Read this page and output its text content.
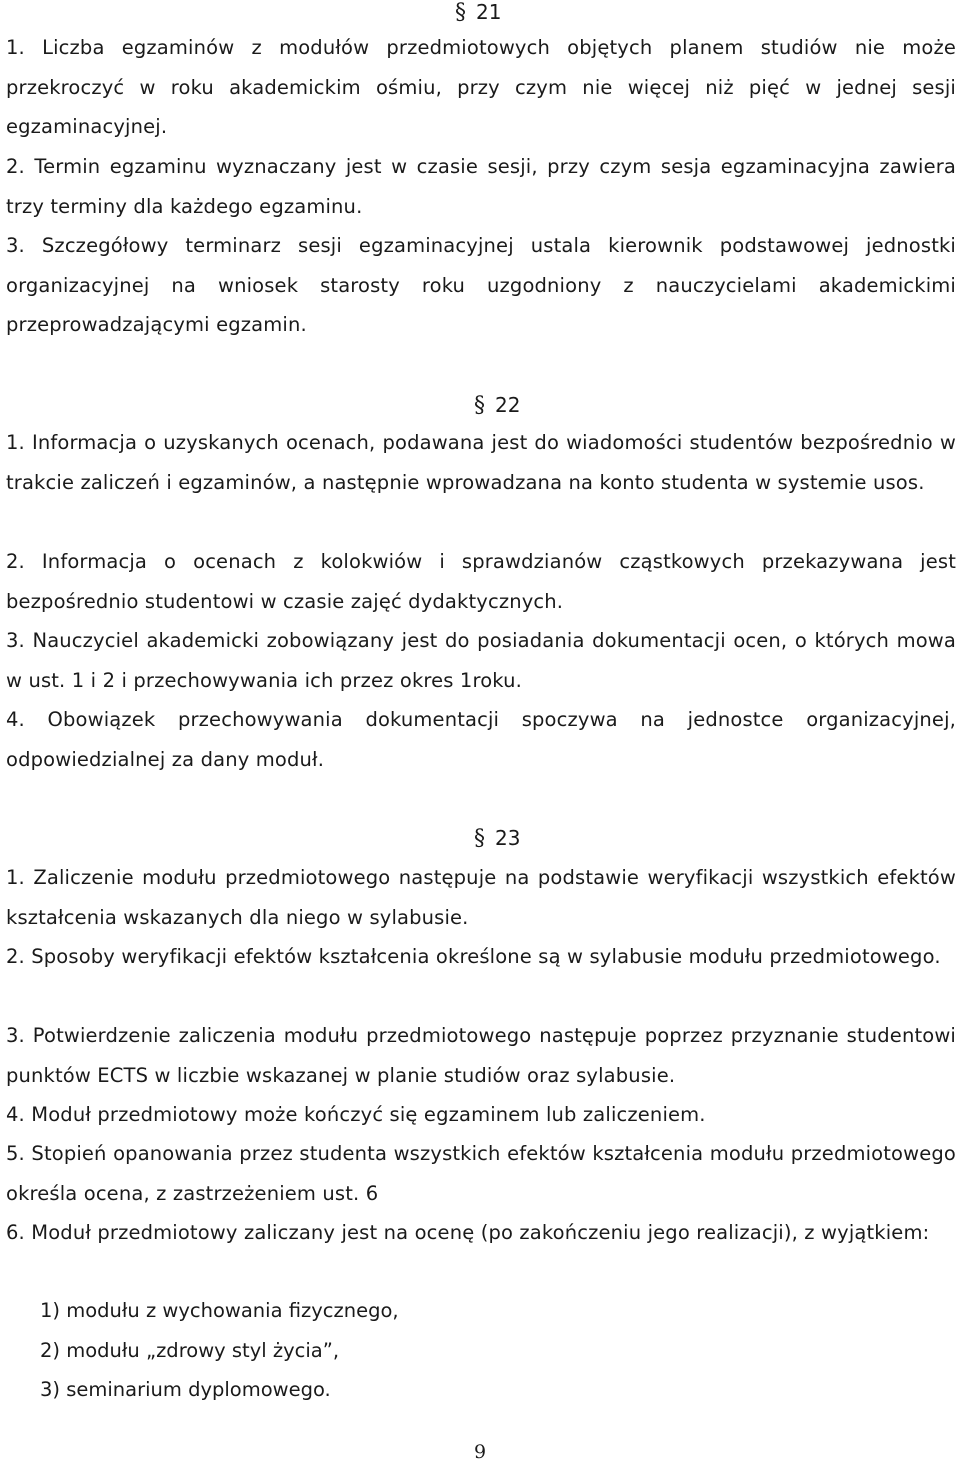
§ 21

1. Liczba egzaminów z modułów przedmiotowych objętych planem studiów nie może przekroczyć w roku akademickim ośmiu, przy czym nie więcej niż pięć w jednej sesji egzaminacyjnej.

2. Termin egzaminu wyznaczany jest w czasie sesji, przy czym sesja egzaminacyjna zawiera trzy terminy dla każdego egzaminu.

3. Szczegółowy terminarz sesji egzaminacyjnej ustala kierownik podstawowej jednostki organizacyjnej na wniosek starosty roku uzgodniony z nauczycielami akademickimi przeprowadzającymi egzamin.

§ 22

1. Informacja o uzyskanych ocenach, podawana jest do wiadomości studentów bezpośrednio w trakcie zaliczeń i egzaminów, a następnie wprowadzana na konto studenta w systemie usos.

2. Informacja o ocenach z kolokwiów i sprawdzianów cząstkowych przekazywana jest bezpośrednio studentowi w czasie zajęć dydaktycznych.

3. Nauczyciel akademicki zobowiązany jest do posiadania dokumentacji ocen, o których mowa w ust. 1 i 2 i przechowywania ich przez okres 1roku.

4. Obowiązek przechowywania dokumentacji spoczywa na jednostce organizacyjnej, odpowiedzialnej za dany moduł.

§ 23

1. Zaliczenie modułu przedmiotowego następuje na podstawie weryfikacji wszystkich efektów kształcenia wskazanych dla niego w sylabusie.

2. Sposoby weryfikacji efektów kształcenia określone są w sylabusie modułu przedmiotowego.

3. Potwierdzenie zaliczenia modułu przedmiotowego następuje poprzez przyznanie studentowi punktów ECTS w liczbie wskazanej w planie studiów oraz sylabusie.

4. Moduł przedmiotowy może kończyć się egzaminem lub zaliczeniem.

5. Stopień opanowania przez studenta wszystkich efektów kształcenia modułu przedmiotowego określa ocena, z zastrzeżeniem ust. 6

6. Moduł przedmiotowy zaliczany jest na ocenę (po zakończeniu jego realizacji), z wyjątkiem:

1) modułu z wychowania fizycznego,
2) modułu „zdrowy styl życia”,
3) seminarium dyplomowego.
9
